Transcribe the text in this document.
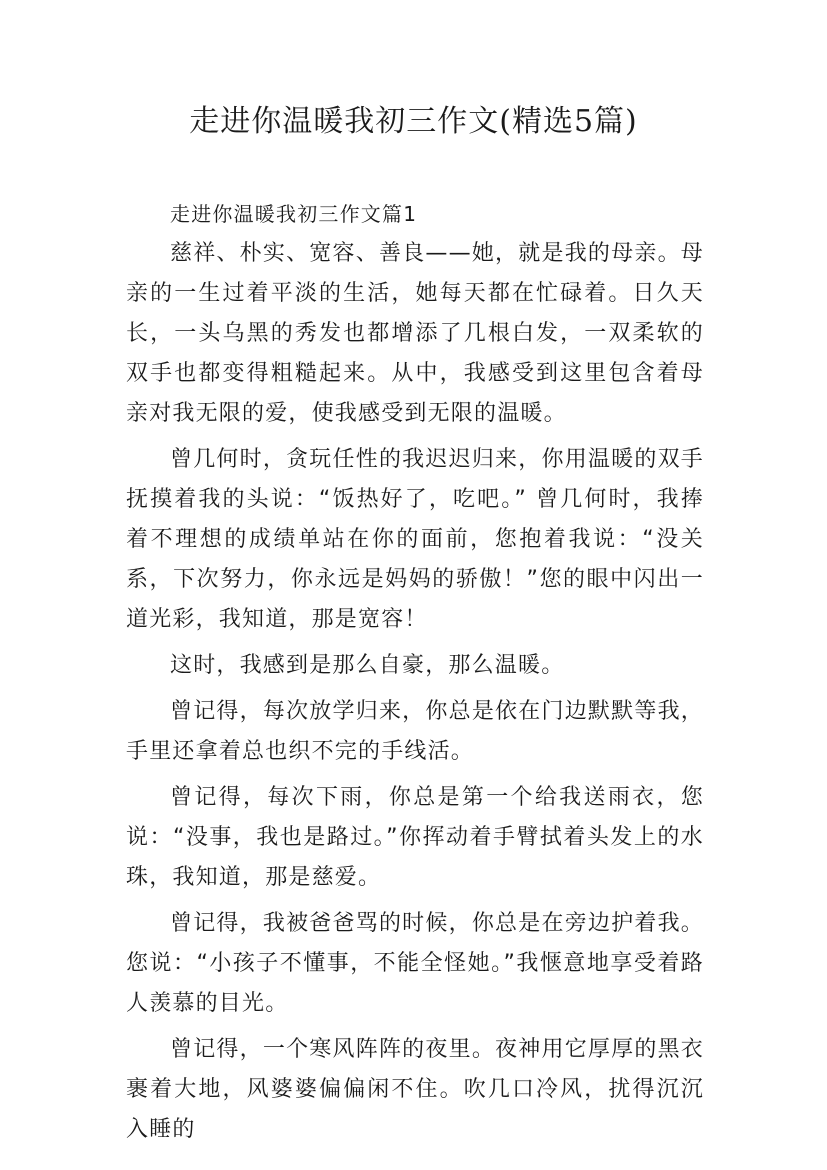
走进你温暖我初三作文(精选5篇)
走进你温暖我初三作文篇1

慈祥、朴实、宽容、善良——她，就是我的母亲。母亲的一生过着平淡的生活，她每天都在忙碌着。日久天长，一头乌黑的秀发也都增添了几根白发，一双柔软的双手也都变得粗糙起来。从中，我感受到这里包含着母亲对我无限的爱，使我感受到无限的温暖。

曾几何时，贪玩任性的我迟迟归来，你用温暖的双手抚摸着我的头说：“饭热好了，吃吧。” 曾几何时，我捧着不理想的成绩单站在你的面前，您抱着我说：“没关系，下次努力，你永远是妈妈的骄傲！”您的眼中闪出一道光彩，我知道，那是宽容！

这时，我感到是那么自豪，那么温暖。

曾记得，每次放学归来，你总是依在门边默默等我，手里还拿着总也织不完的手线活。

曾记得，每次下雨，你总是第一个给我送雨衣，您说：“没事，我也是路过。”你挥动着手臂拭着头发上的水珠，我知道，那是慈爱。

曾记得，我被爸爸骂的时候，你总是在旁边护着我。您说：“小孩子不懂事，不能全怪她。”我惬意地享受着路人羡慕的目光。

曾记得，一个寒风阵阵的夜里。夜神用它厚厚的黑衣裹着大地，风婆婆偏偏闲不住。吹几口冷风，扰得沉沉入睡的
